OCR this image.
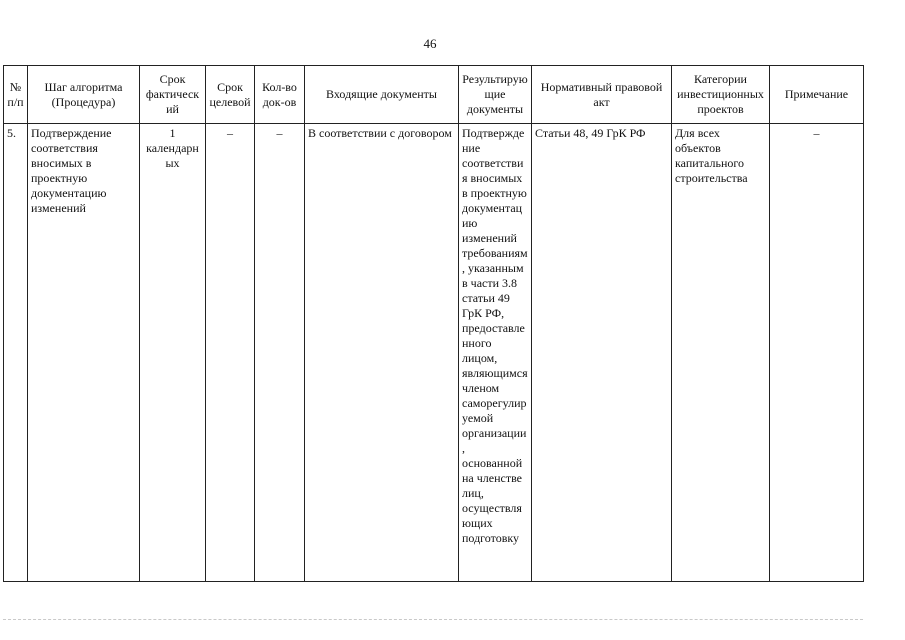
46
№ п/п	Шаг алгоритма (Процедура)	Срок фактический	Срок целевой	Кол-во док-ов	Входящие документы	Результирующие документы	Нормативный правовой акт	Категории инвестиционных проектов	Примечание
5.	Подтверждение соответствия вносимых в проектную документацию изменений	1 календарных	–	–	В соответствии с договором	Подтверждение соответствия вносимых в проектную документацию изменений требованиям, указанным в части 3.8 статьи 49 ГрК РФ, предоставленного лицом, являющимся членом саморегулируемой организации, основанной на членстве лиц, осуществляющих подготовку	Статьи 48, 49 ГрК РФ	Для всех объектов капитального строительства	–
